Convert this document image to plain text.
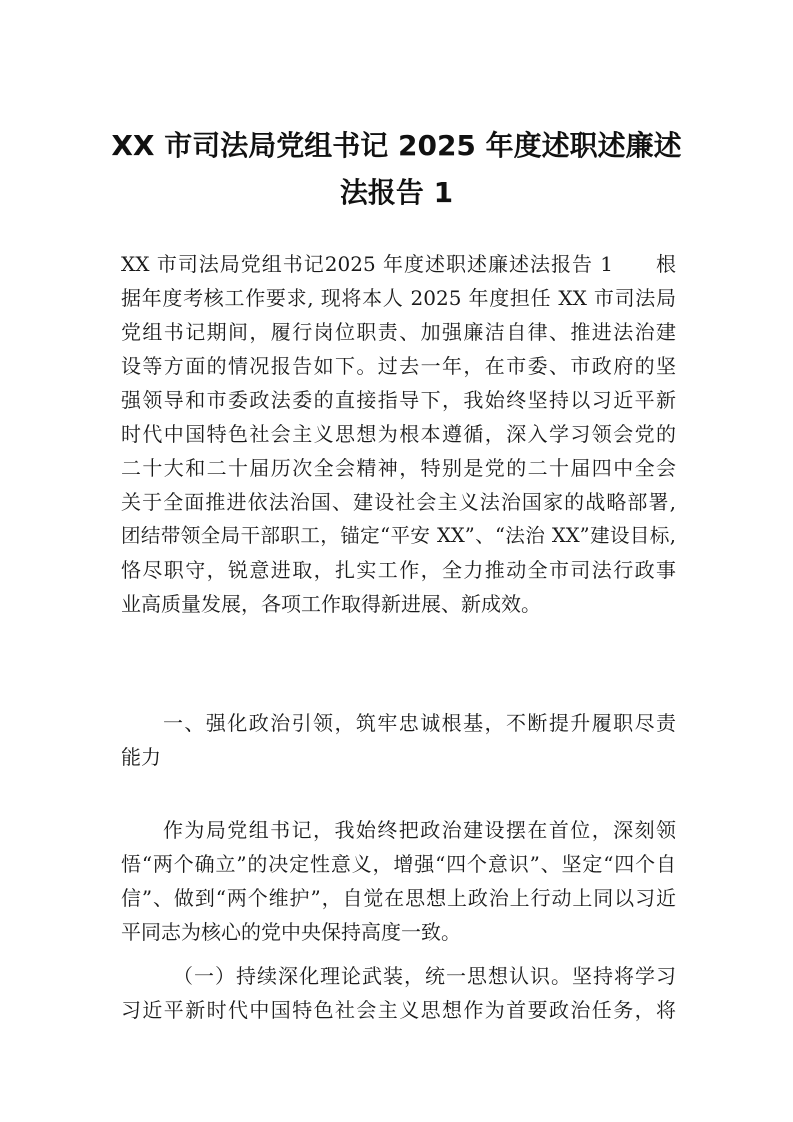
XX 市司法局党组书记 2025 年度述职述廉述
法报告 1
XX 市司法局党组书记2025 年度述职述廉述法报告 1　　根
据年度考核工作要求, 现将本人 2025 年度担任 XX 市司法局
党组书记期间，履行岗位职责、加强廉洁自律、推进法治建
设等方面的情况报告如下。过去一年，在市委、市政府的坚
强领导和市委政法委的直接指导下，我始终坚持以习近平新
时代中国特色社会主义思想为根本遵循，深入学习领会党的
二十大和二十届历次全会精神，特别是党的二十届四中全会
关于全面推进依法治国、建设社会主义法治国家的战略部署,
团结带领全局干部职工，锚定“平安 XX”、“法治 XX”建设目标,
恪尽职守，锐意进取，扎实工作，全力推动全市司法行政事
业高质量发展，各项工作取得新进展、新成效。
一、强化政治引领，筑牢忠诚根基，不断提升履职尽责
能力
作为局党组书记，我始终把政治建设摆在首位，深刻领
悟“两个确立”的决定性意义，增强“四个意识”、坚定“四个自
信”、做到“两个维护”，自觉在思想上政治上行动上同以习近
平同志为核心的党中央保持高度一致。
（一）持续深化理论武装，统一思想认识。坚持将学习
习近平新时代中国特色社会主义思想作为首要政治任务，将
